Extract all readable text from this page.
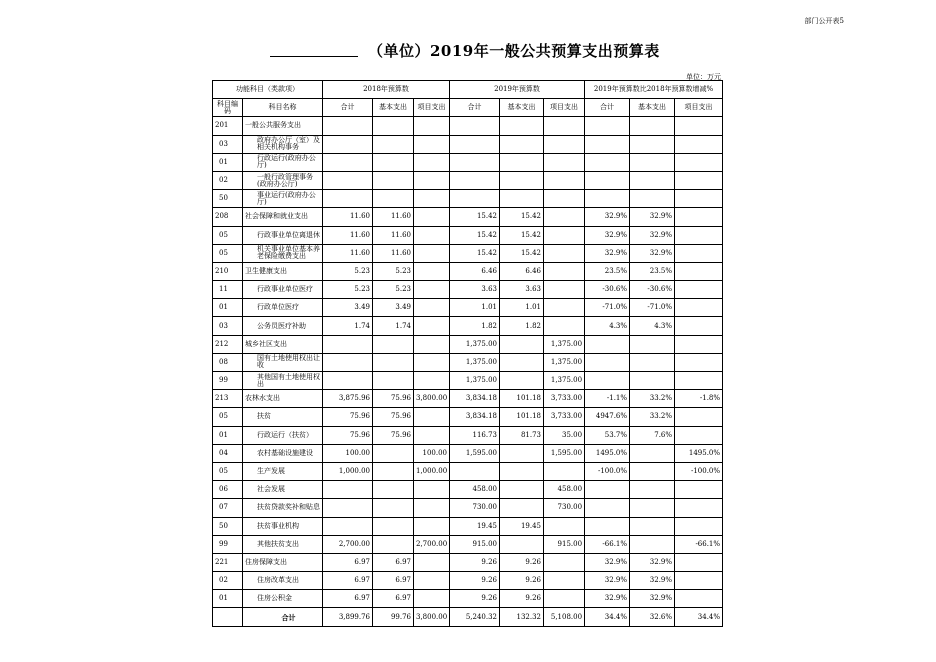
部门公开表5
（单位）2019年一般公共预算支出预算表
单位：万元
功能科目（类款项）		2018年预算数			2019年预算数			2019年预算数比2018年预算数增减%		
科目编码	科目名称	合计	基本支出	项目支出	合计	基本支出	项目支出	合计	基本支出	项目支出
201	一般公共服务支出									
03	政府办公厅（室）及相关机构事务									
01	行政运行(政府办公厅)									
02	一般行政管理事务(政府办公厅)									
50	事业运行(政府办公厅)									
208	社会保障和就业支出	11.60	11.60		15.42	15.42		32.9%	32.9%	
05	行政事业单位离退休	11.60	11.60		15.42	15.42		32.9%	32.9%	
05	机关事业单位基本养老保险缴费支出	11.60	11.60		15.42	15.42		32.9%	32.9%	
210	卫生健康支出	5.23	5.23		6.46	6.46		23.5%	23.5%	
11	行政事业单位医疗	5.23	5.23		3.63	3.63		-30.6%	-30.6%	
01	行政单位医疗	3.49	3.49		1.01	1.01		-71.0%	-71.0%	
03	公务员医疗补助	1.74	1.74		1.82	1.82		4.3%	4.3%	
212	城乡社区支出				1,375.00		1,375.00			
08	国有土地使用权出让收				1,375.00		1,375.00			
99	其他国有土地使用权出				1,375.00		1,375.00			
213	农林水支出	3,875.96	75.96	3,800.00	3,834.18	101.18	3,733.00	-1.1%	33.2%	-1.8%
05	扶贫	75.96	75.96		3,834.18	101.18	3,733.00	4947.6%	33.2%	
01	行政运行（扶贫）	75.96	75.96		116.73	81.73	35.00	53.7%	7.6%	
04	农村基础设施建设	100.00		100.00	1,595.00		1,595.00	1495.0%		1495.0%
05	生产发展	1,000.00		1,000.00				-100.0%		-100.0%
06	社会发展				458.00		458.00			
07	扶贫贷款奖补和贴息				730.00		730.00			
50	扶贫事业机构				19.45	19.45				
99	其他扶贫支出	2,700.00		2,700.00	915.00		915.00	-66.1%		-66.1%
221	住房保障支出	6.97	6.97		9.26	9.26		32.9%	32.9%	
02	住房改革支出	6.97	6.97		9.26	9.26		32.9%	32.9%	
01	住房公积金	6.97	6.97		9.26	9.26		32.9%	32.9%	
	合计	3,899.76	99.76	3,800.00	5,240.32	132.32	5,108.00	34.4%	32.6%	34.4%
